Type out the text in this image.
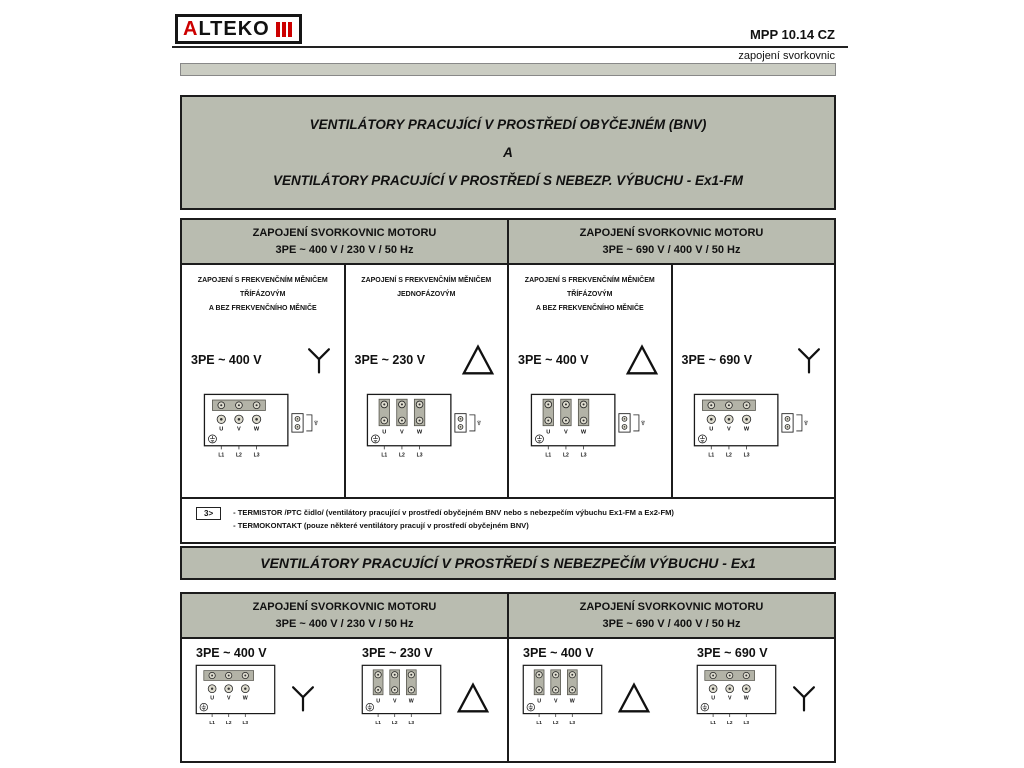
ALTEKO	MPP 10.14 CZ
zapojení svorkovnic
VENTILÁTORY PRACUJÍCÍ V PROSTŘEDÍ OBYČEJNÉM (BNV)
A
VENTILÁTORY PRACUJÍCÍ V PROSTŘEDÍ S NEBEZP. VÝBUCHU - Ex1-FM
ZAPOJENÍ SVORKOVNIC MOTORU
3PE ~ 400 V / 230 V / 50 Hz
ZAPOJENÍ SVORKOVNIC MOTORU
3PE ~ 690 V / 400 V / 50 Hz
ZAPOJENÍ S FREKVENČNÍM MĚNIČEM
TŘÍFÁZOVÝM
A BEZ FREKVENČNÍHO MĚNIČE
3PE ~ 400 V
U V W
L1 L2 L3
3>
ZAPOJENÍ S FREKVENČNÍM MĚNIČEM
JEDNOFÁZOVÝM
3PE ~ 230 V
U V W
L1 L2 L3
3>
ZAPOJENÍ S FREKVENČNÍM MĚNIČEM
TŘÍFÁZOVÝM
A BEZ FREKVENČNÍHO MĚNIČE
3PE ~ 400 V
U V W
L1 L2 L3
3>
3PE ~ 690 V
U V W
L1 L2 L3
3>
3>	- TERMISTOR /PTC čidlo/ (ventilátory pracující v prostředí obyčejném BNV nebo s nebezpečím výbuchu Ex1-FM a Ex2-FM)
- TERMOKONTAKT (pouze některé ventilátory pracují v prostředí obyčejném BNV)
VENTILÁTORY PRACUJÍCÍ V PROSTŘEDÍ S NEBEZPEČÍM VÝBUCHU - Ex1
ZAPOJENÍ SVORKOVNIC MOTORU
3PE ~ 400 V / 230 V / 50 Hz
ZAPOJENÍ SVORKOVNIC MOTORU
3PE ~ 690 V / 400 V / 50 Hz
3PE ~ 400 V
U V W
L1 L2 L3
3PE ~ 230 V
U V W
L1 L2 L3
3PE ~ 400 V
U V W
L1 L2 L3
3PE ~ 690 V
U V W
L1 L2 L3
